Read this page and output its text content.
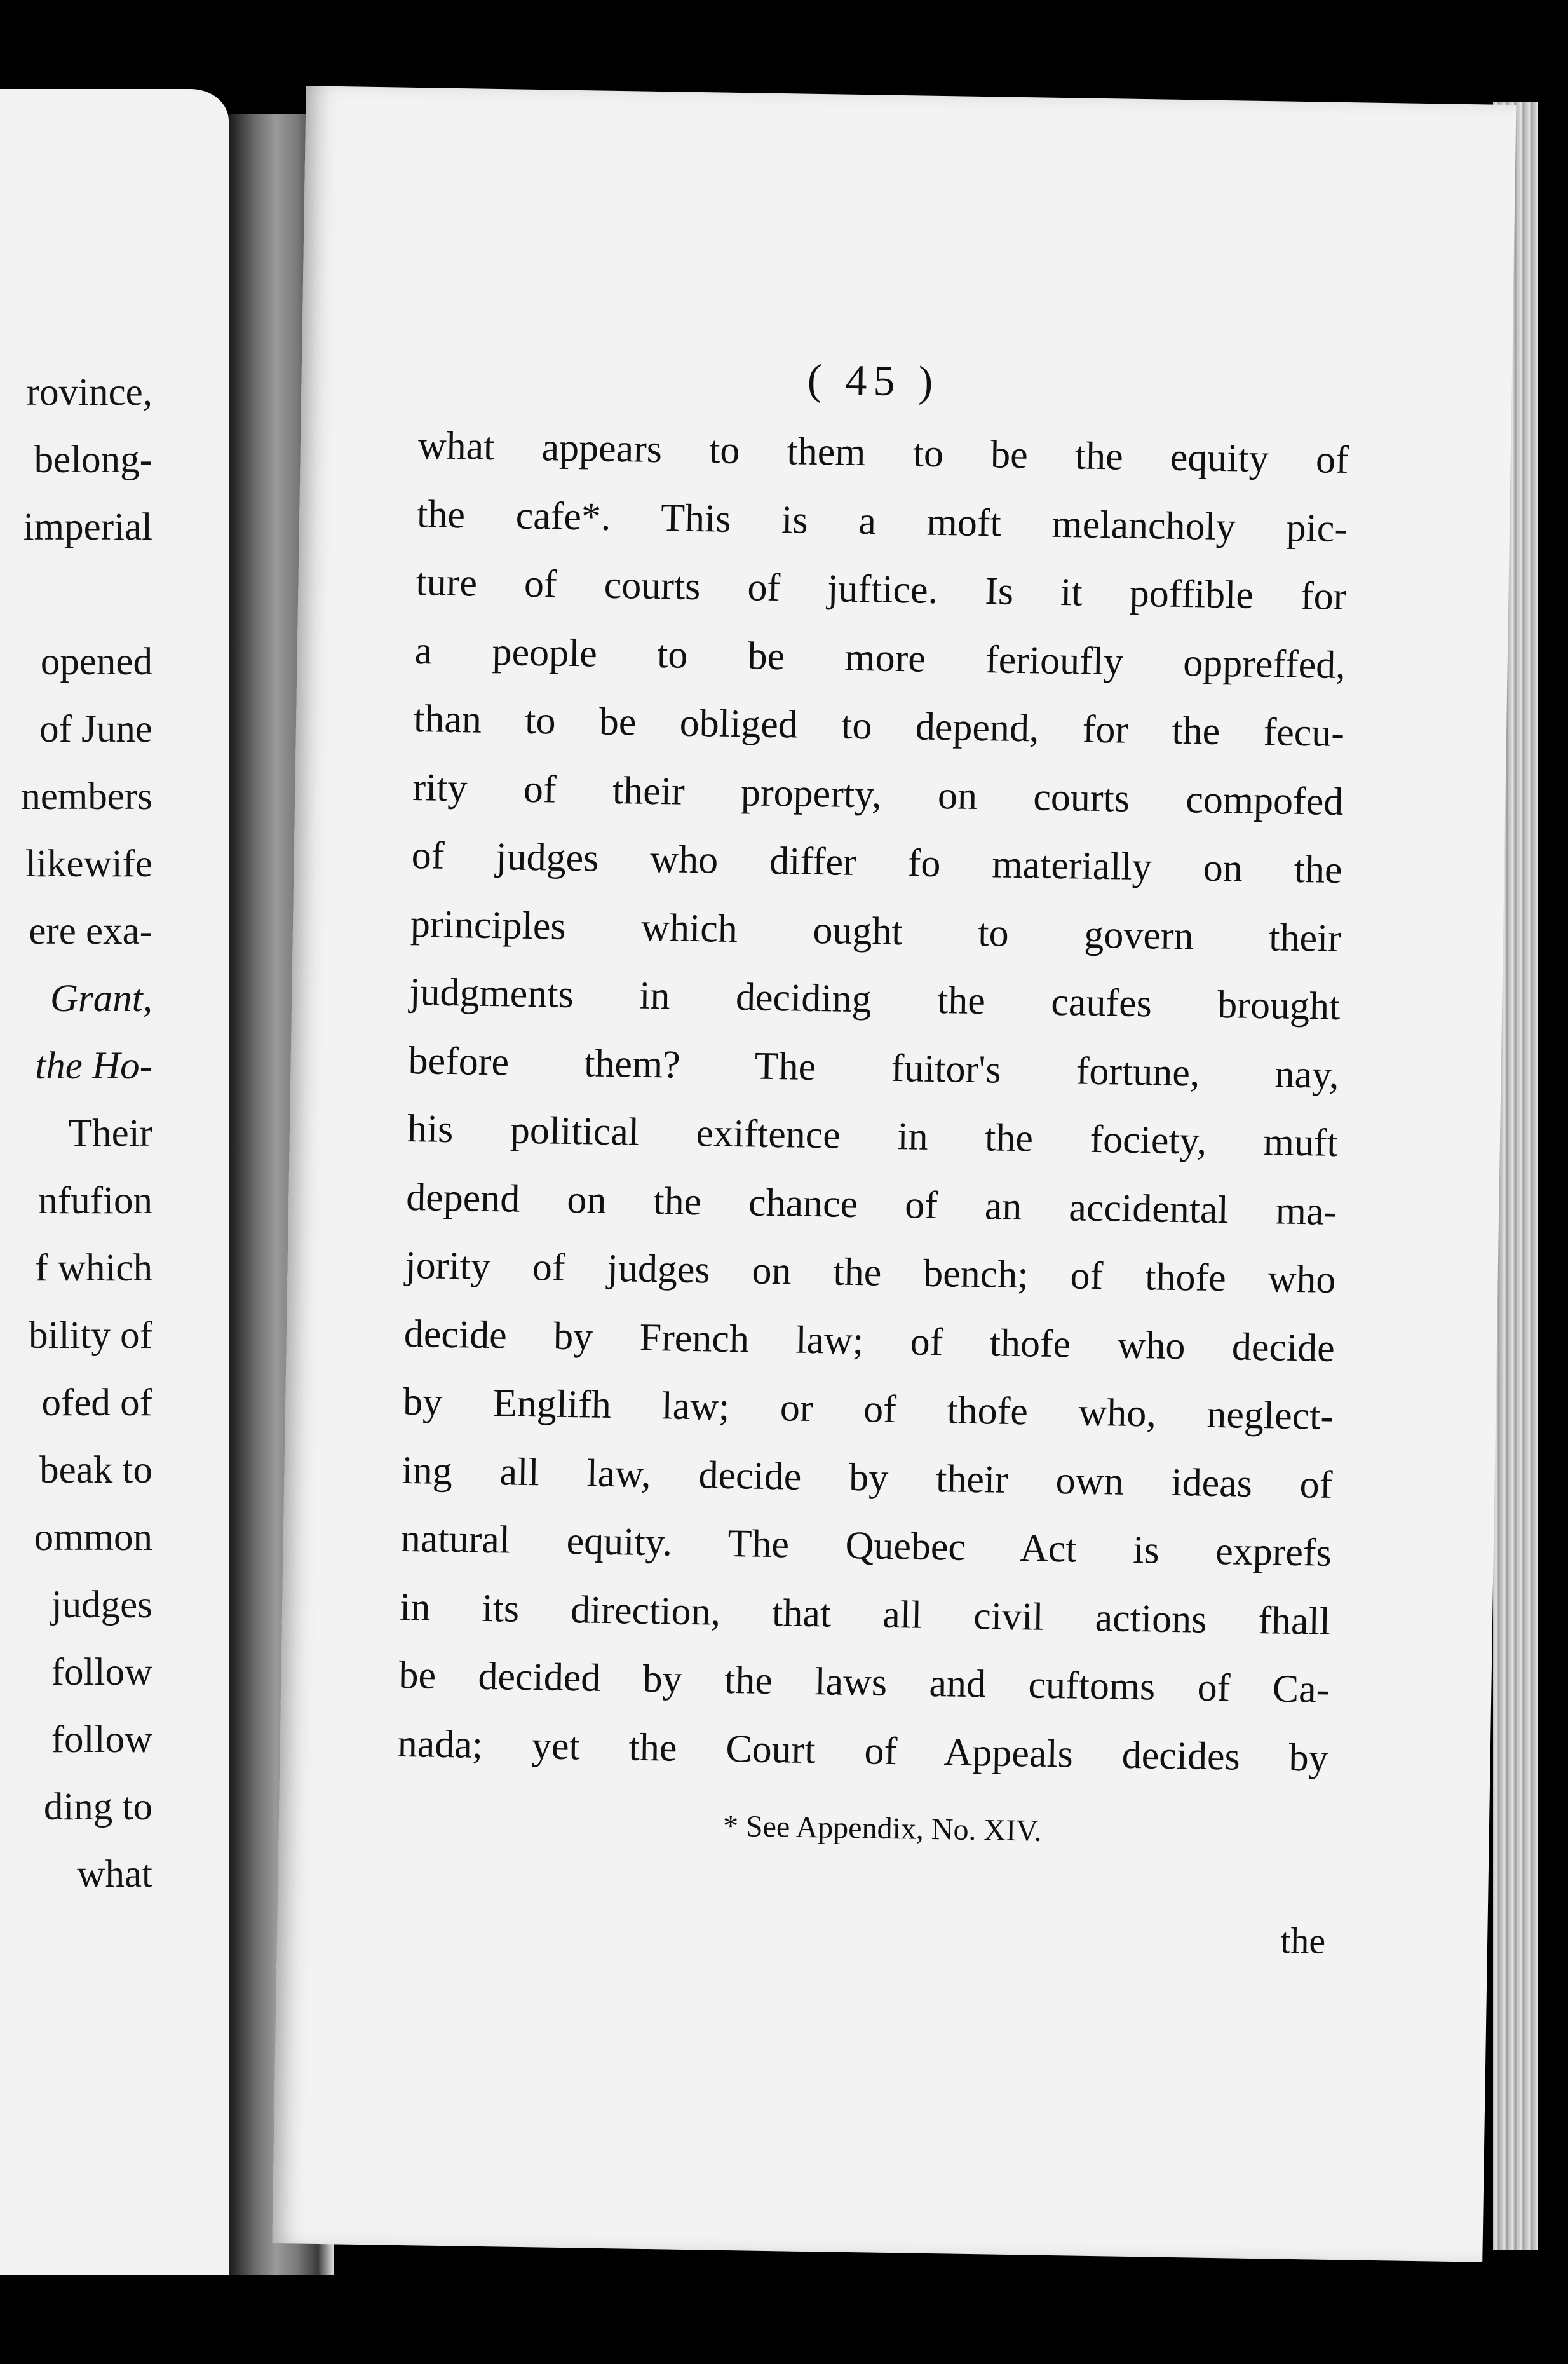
rovince,
belong-
imperial
opened
of June
nembers
likewife
ere exa-
Grant,
the Ho-
Their
nfufion
f which
bility of
ofed of
beak to
ommon
judges
follow
follow
ding to
what

( 45 )

what appears to them to be the equity of
the cafe*. This is a moft melancholy pic-
ture of courts of juftice. Is it poffible for
a people to be more ferioufly oppreffed,
than to be obliged to depend, for the fecu-
rity of their property, on courts compofed
of judges who differ fo materially on the
principles which ought to govern their
judgments in deciding the caufes brought
before them? The fuitor's fortune, nay,
his political exiftence in the fociety, muft
depend on the chance of an accidental ma-
jority of judges on the bench; of thofe who
decide by French law; of thofe who decide
by Englifh law; or of thofe who, neglect-
ing all law, decide by their own ideas of
natural equity. The Quebec Act is exprefs
in its direction, that all civil actions fhall
be decided by the laws and cuftoms of Ca-
nada; yet the Court of Appeals decides by

* See Appendix, No. XIV.

the
